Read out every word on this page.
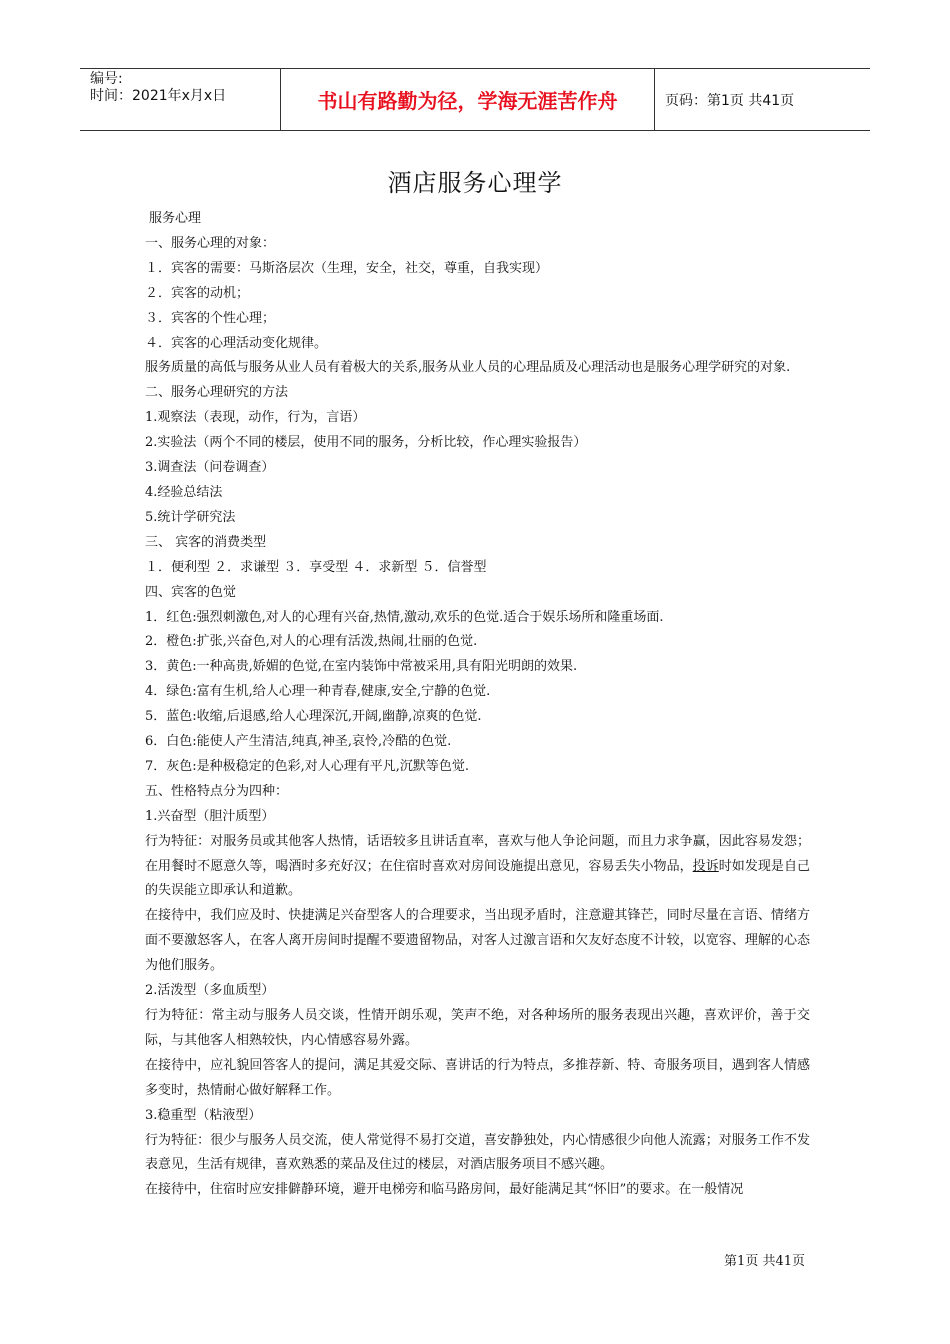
编号:
时间：2021年x月x日	书山有路勤为径，学海无涯苦作舟	页码：第1页 共41页
酒店服务心理学

服务心理

一、服务心理的对象：

１．宾客的需要：马斯洛层次（生理，安全，社交，尊重，自我实现）

２．宾客的动机；

３．宾客的个性心理；

４．宾客的心理活动变化规律。

服务质量的高低与服务从业人员有着极大的关系,服务从业人员的心理品质及心理活动也是服务心理学研究的对象.

二、服务心理研究的方法

1.观察法（表现，动作，行为，言语）

2.实验法（两个不同的楼层，使用不同的服务，分析比较，作心理实验报告）

3.调查法（问卷调查）

4.经验总结法

5.统计学研究法

三、 宾客的消费类型

１．便利型 ２．求谦型 ３．享受型 ４．求新型 ５．信誉型

四、宾客的色觉

1．红色:强烈刺激色,对人的心理有兴奋,热情,激动,欢乐的色觉.适合于娱乐场所和隆重场面.

2．橙色:扩张,兴奋色,对人的心理有活泼,热闹,壮丽的色觉.

3．黄色:一种高贵,娇媚的色觉,在室内装饰中常被采用,具有阳光明朗的效果.

4．绿色:富有生机,给人心理一种青春,健康,安全,宁静的色觉.

5．蓝色:收缩,后退感,给人心理深沉,开阔,幽静,凉爽的色觉.

6．白色:能使人产生清洁,纯真,神圣,哀怜,冷酷的色觉.

7．灰色:是种极稳定的色彩,对人心理有平凡,沉默等色觉.

五、性格特点分为四种：

1.兴奋型（胆汁质型）

行为特征：对服务员或其他客人热情，话语较多且讲话直率，喜欢与他人争论问题，而且力求争赢，因此容易发怨；在用餐时不愿意久等，喝酒时多充好汉；在住宿时喜欢对房间设施提出意见，容易丢失小物品，投诉时如发现是自己的失误能立即承认和道歉。

在接待中，我们应及时、快捷满足兴奋型客人的合理要求，当出现矛盾时，注意避其锋芒，同时尽量在言语、情绪方面不要激怒客人，在客人离开房间时提醒不要遗留物品，对客人过激言语和欠友好态度不计较，以宽容、理解的心态为他们服务。

2.活泼型（多血质型）

行为特征：常主动与服务人员交谈，性情开朗乐观，笑声不绝，对各种场所的服务表现出兴趣，喜欢评价，善于交际，与其他客人相熟较快，内心情感容易外露。

在接待中，应礼貌回答客人的提问，满足其爱交际、喜讲话的行为特点，多推荐新、特、奇服务项目，遇到客人情感多变时，热情耐心做好解释工作。

3.稳重型（粘液型）

行为特征：很少与服务人员交流，使人常觉得不易打交道，喜安静独处，内心情感很少向他人流露；对服务工作不发表意见，生活有规律，喜欢熟悉的菜品及住过的楼层，对酒店服务项目不感兴趣。

在接待中，住宿时应安排僻静环境，避开电梯旁和临马路房间，最好能满足其“怀旧”的要求。在一般情况

第1页 共41页
